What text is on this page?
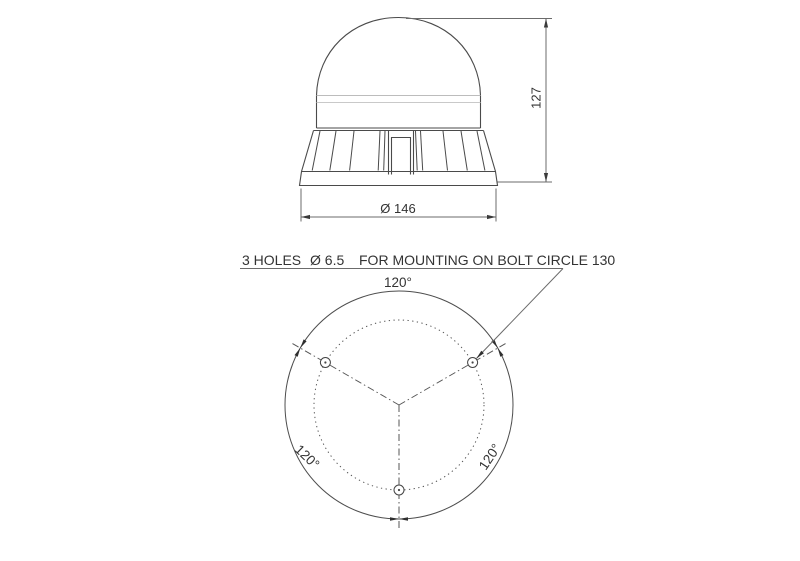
3 HOLES Ø 6.5 FOR MOUNTING ON BOLT CIRCLE 130
Ø 146
127
120°
120°	120°
